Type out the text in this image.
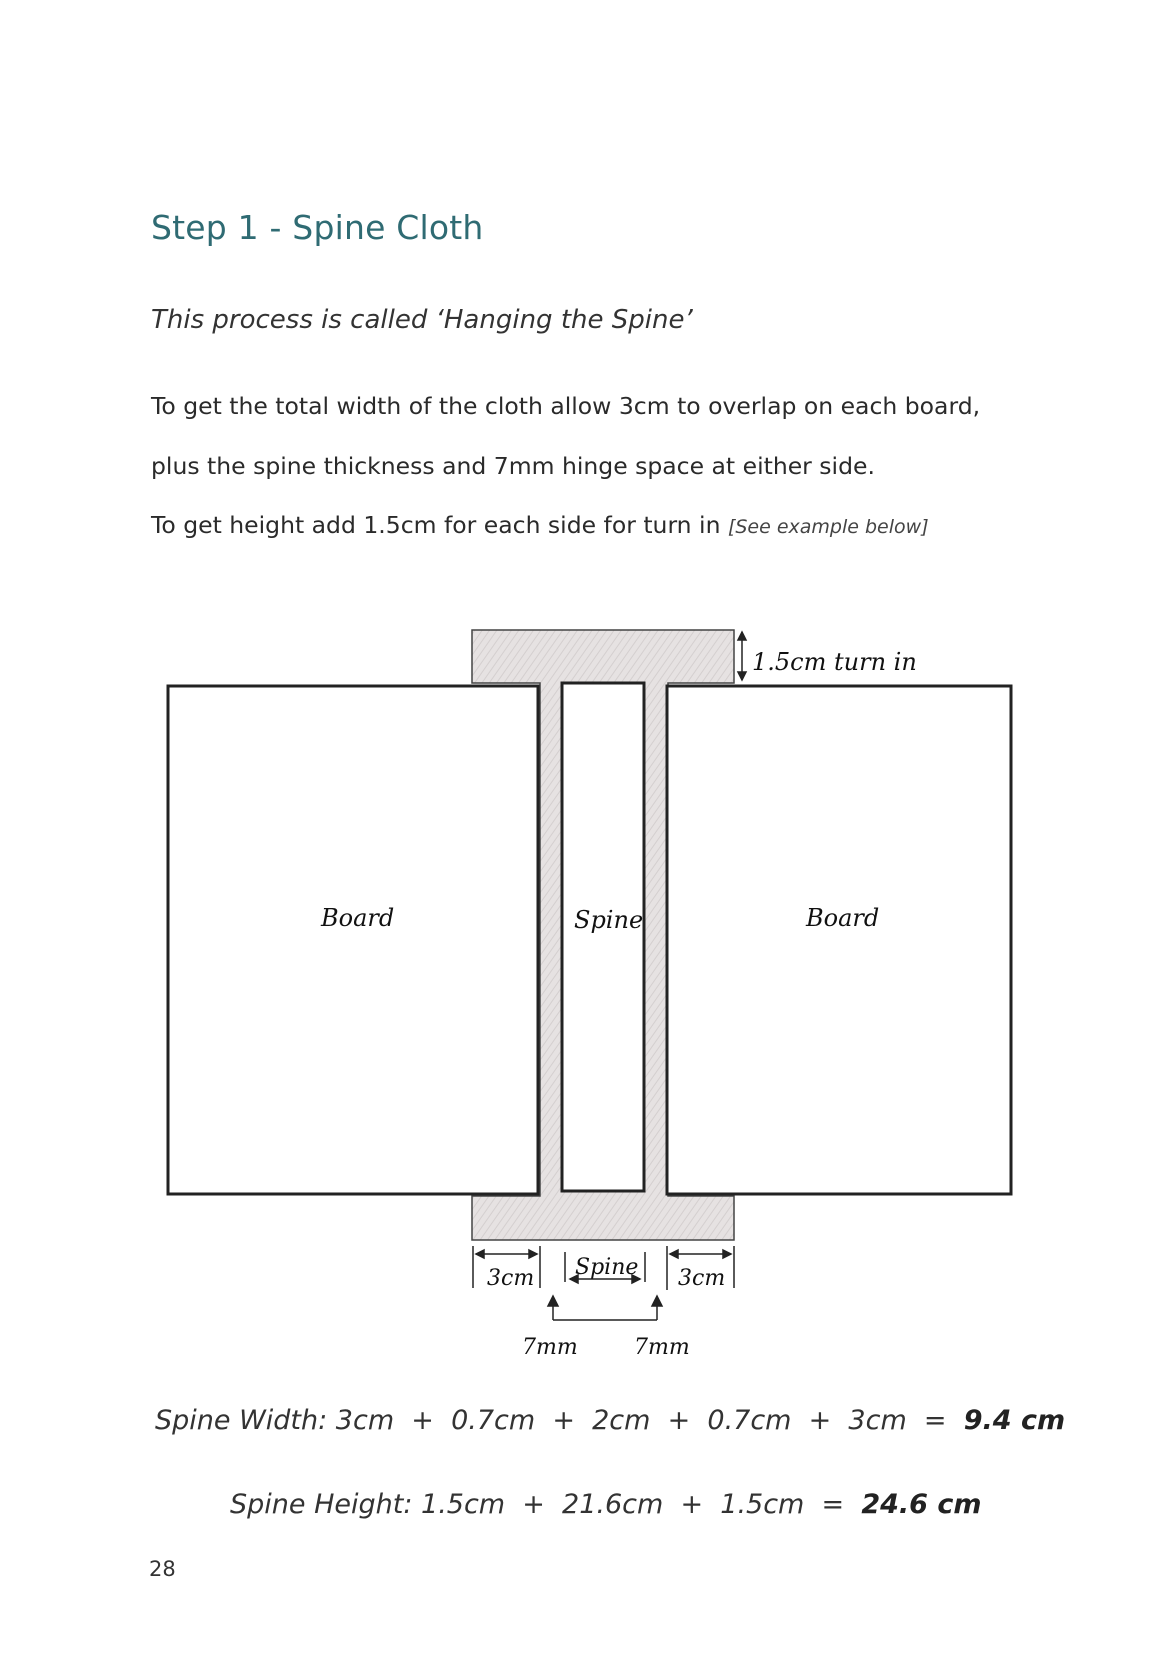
Step 1 - Spine Cloth

This process is called ‘Hanging the Spine’

To get the total width of the cloth allow 3cm to overlap on each board,

plus the spine thickness and 7mm hinge space at either side.

To get height add 1.5cm for each side for turn in [See example below]

Board	Spine	Board
1.5cm turn in
3cm Spine 3cm
7mm	7mm

Spine Width: 3cm  +  0.7cm  +  2cm  +  0.7cm  +  3cm  =  9.4 cm

Spine Height: 1.5cm  +  21.6cm  +  1.5cm  =  24.6 cm

28
